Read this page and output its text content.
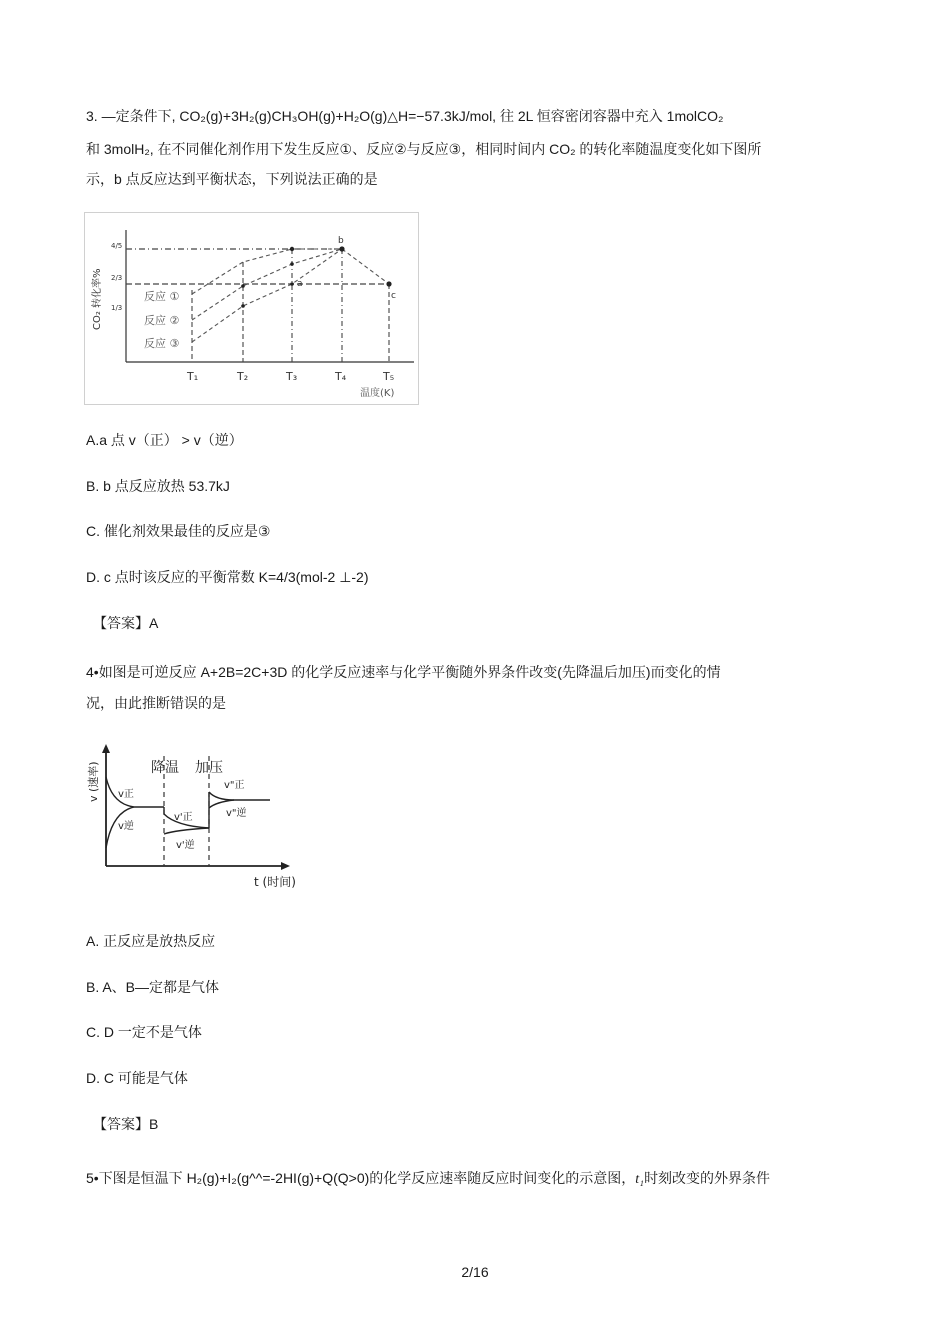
3. —定条件下, CO₂(g)+3H₂(g)CH₃OH(g)+H₂O(g)△H=−57.3kJ/mol, 往 2L 恒容密闭容器中充入 1molCO₂
和 3molH₂, 在不同催化剂作用下发生反应①、反应②与反应③，相同时间内 CO₂ 的转化率随温度变化如下图所
示，b 点反应达到平衡状态，下列说法正确的是
CO₂ 转化率%
4/5
2/3
1/3
a
b
c
反应 ①
反应 ②
反应 ③
T₁	T₂	T₃	T₄	T₅
温度(K)
A.a 点 v（正） > v（逆）
B. b 点反应放热 53.7kJ
C. 催化剂效果最佳的反应是③
D. c 点时该反应的平衡常数 K=4/3(mol-2 ⊥-2)
【答案】A
4•如图是可逆反应 A+2B=2C+3D 的化学反应速率与化学平衡随外界条件改变(先降温后加压)而变化的情
况，由此推断错误的是
v (速率)
t (时间)
降温 加压
v正
v逆
v'正
v'逆
v"正
v"逆
A. 正反应是放热反应
B. A、B—定都是气体
C. D 一定不是气体
D. C 可能是气体
【答案】B
5•下图是恒温下 H₂(g)+I₂(g^^=-2HI(g)+Q(Q>0)的化学反应速率随反应时间变化的示意图，t₁时刻改变的外界条件
2/16
